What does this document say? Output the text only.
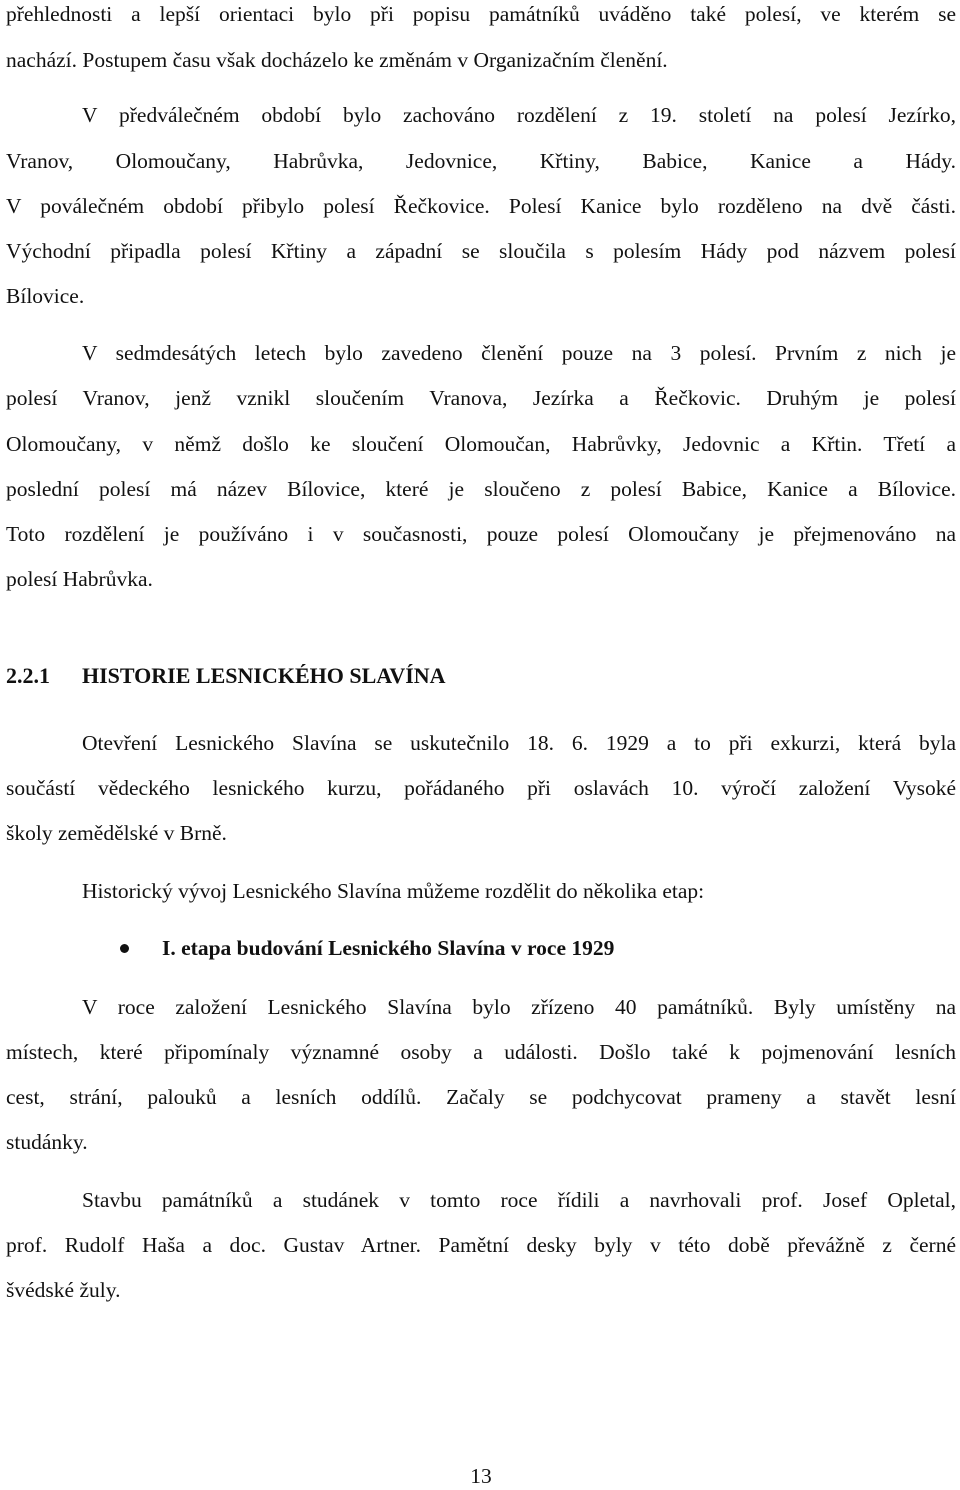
přehlednosti a lepší orientaci bylo při popisu památníků uváděno také polesí, ve kterém se
nachází. Postupem času však docházelo ke změnám v Organizačním členění.
V předválečném období bylo zachováno rozdělení z 19. století na polesí Jezírko,
Vranov, Olomoučany, Habrůvka, Jedovnice, Křtiny, Babice, Kanice a Hády.
V poválečném období přibylo polesí Řečkovice. Polesí Kanice bylo rozděleno na dvě části.
Východní připadla polesí Křtiny a západní se sloučila s polesím Hády pod názvem polesí
Bílovice.
V sedmdesátých letech bylo zavedeno členění pouze na 3 polesí. Prvním z nich je
polesí Vranov, jenž vznikl sloučením Vranova, Jezírka a Řečkovic. Druhým je polesí
Olomoučany, v němž došlo ke sloučení Olomoučan, Habrůvky, Jedovnic a Křtin. Třetí a
poslední polesí má název Bílovice, které je sloučeno z polesí Babice, Kanice a Bílovice.
Toto rozdělení je používáno i v současnosti, pouze polesí Olomoučany je přejmenováno na
polesí Habrůvka.
2.2.1 HISTORIE LESNICKÉHO SLAVÍNA
Otevření Lesnického Slavína se uskutečnilo 18. 6. 1929 a to při exkurzi, která byla
součástí vědeckého lesnického kurzu, pořádaného při oslavách 10. výročí založení Vysoké
školy zemědělské v Brně.
Historický vývoj Lesnického Slavína můžeme rozdělit do několika etap:
I. etapa budování Lesnického Slavína v roce 1929
V roce založení Lesnického Slavína bylo zřízeno 40 památníků. Byly umístěny na
místech, které připomínaly významné osoby a události. Došlo také k pojmenování lesních
cest, strání, palouků a lesních oddílů. Začaly se podchycovat prameny a stavět lesní
studánky.
Stavbu památníků a studánek v tomto roce řídili a navrhovali prof. Josef Opletal,
prof. Rudolf Haša a doc. Gustav Artner. Pamětní desky byly v této době převážně z černé
švédské žuly.
13
